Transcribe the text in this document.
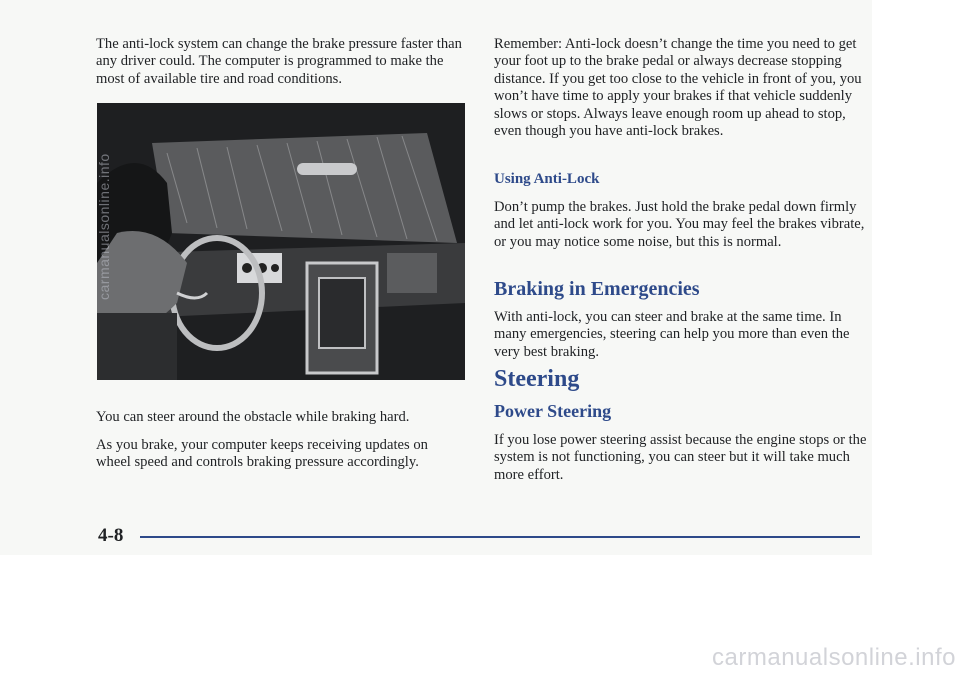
The anti-lock system can change the brake pressure faster than any driver could. The computer is programmed to make the most of available tire and road conditions.

You can steer around the obstacle while braking hard.

As you brake, your computer keeps receiving updates on wheel speed and controls braking pressure accordingly.

Remember: Anti-lock doesn’t change the time you need to get your foot up to the brake pedal or always decrease stopping distance. If you get too close to the vehicle in front of you, you won’t have time to apply your brakes if that vehicle suddenly slows or stops. Always leave enough room up ahead to stop, even though you have anti-lock brakes.

Using Anti-Lock

Don’t pump the brakes. Just hold the brake pedal down firmly and let anti-lock work for you. You may feel the brakes vibrate, or you may notice some noise, but this is normal.

Braking in Emergencies

With anti-lock, you can steer and brake at the same time. In many emergencies, steering can help you more than even the very best braking.

Steering

Power Steering

If you lose power steering assist because the engine stops or the system is not functioning, you can steer but it will take much more effort.

4-8

carmanualsonline.info
carmanualsonline.info
